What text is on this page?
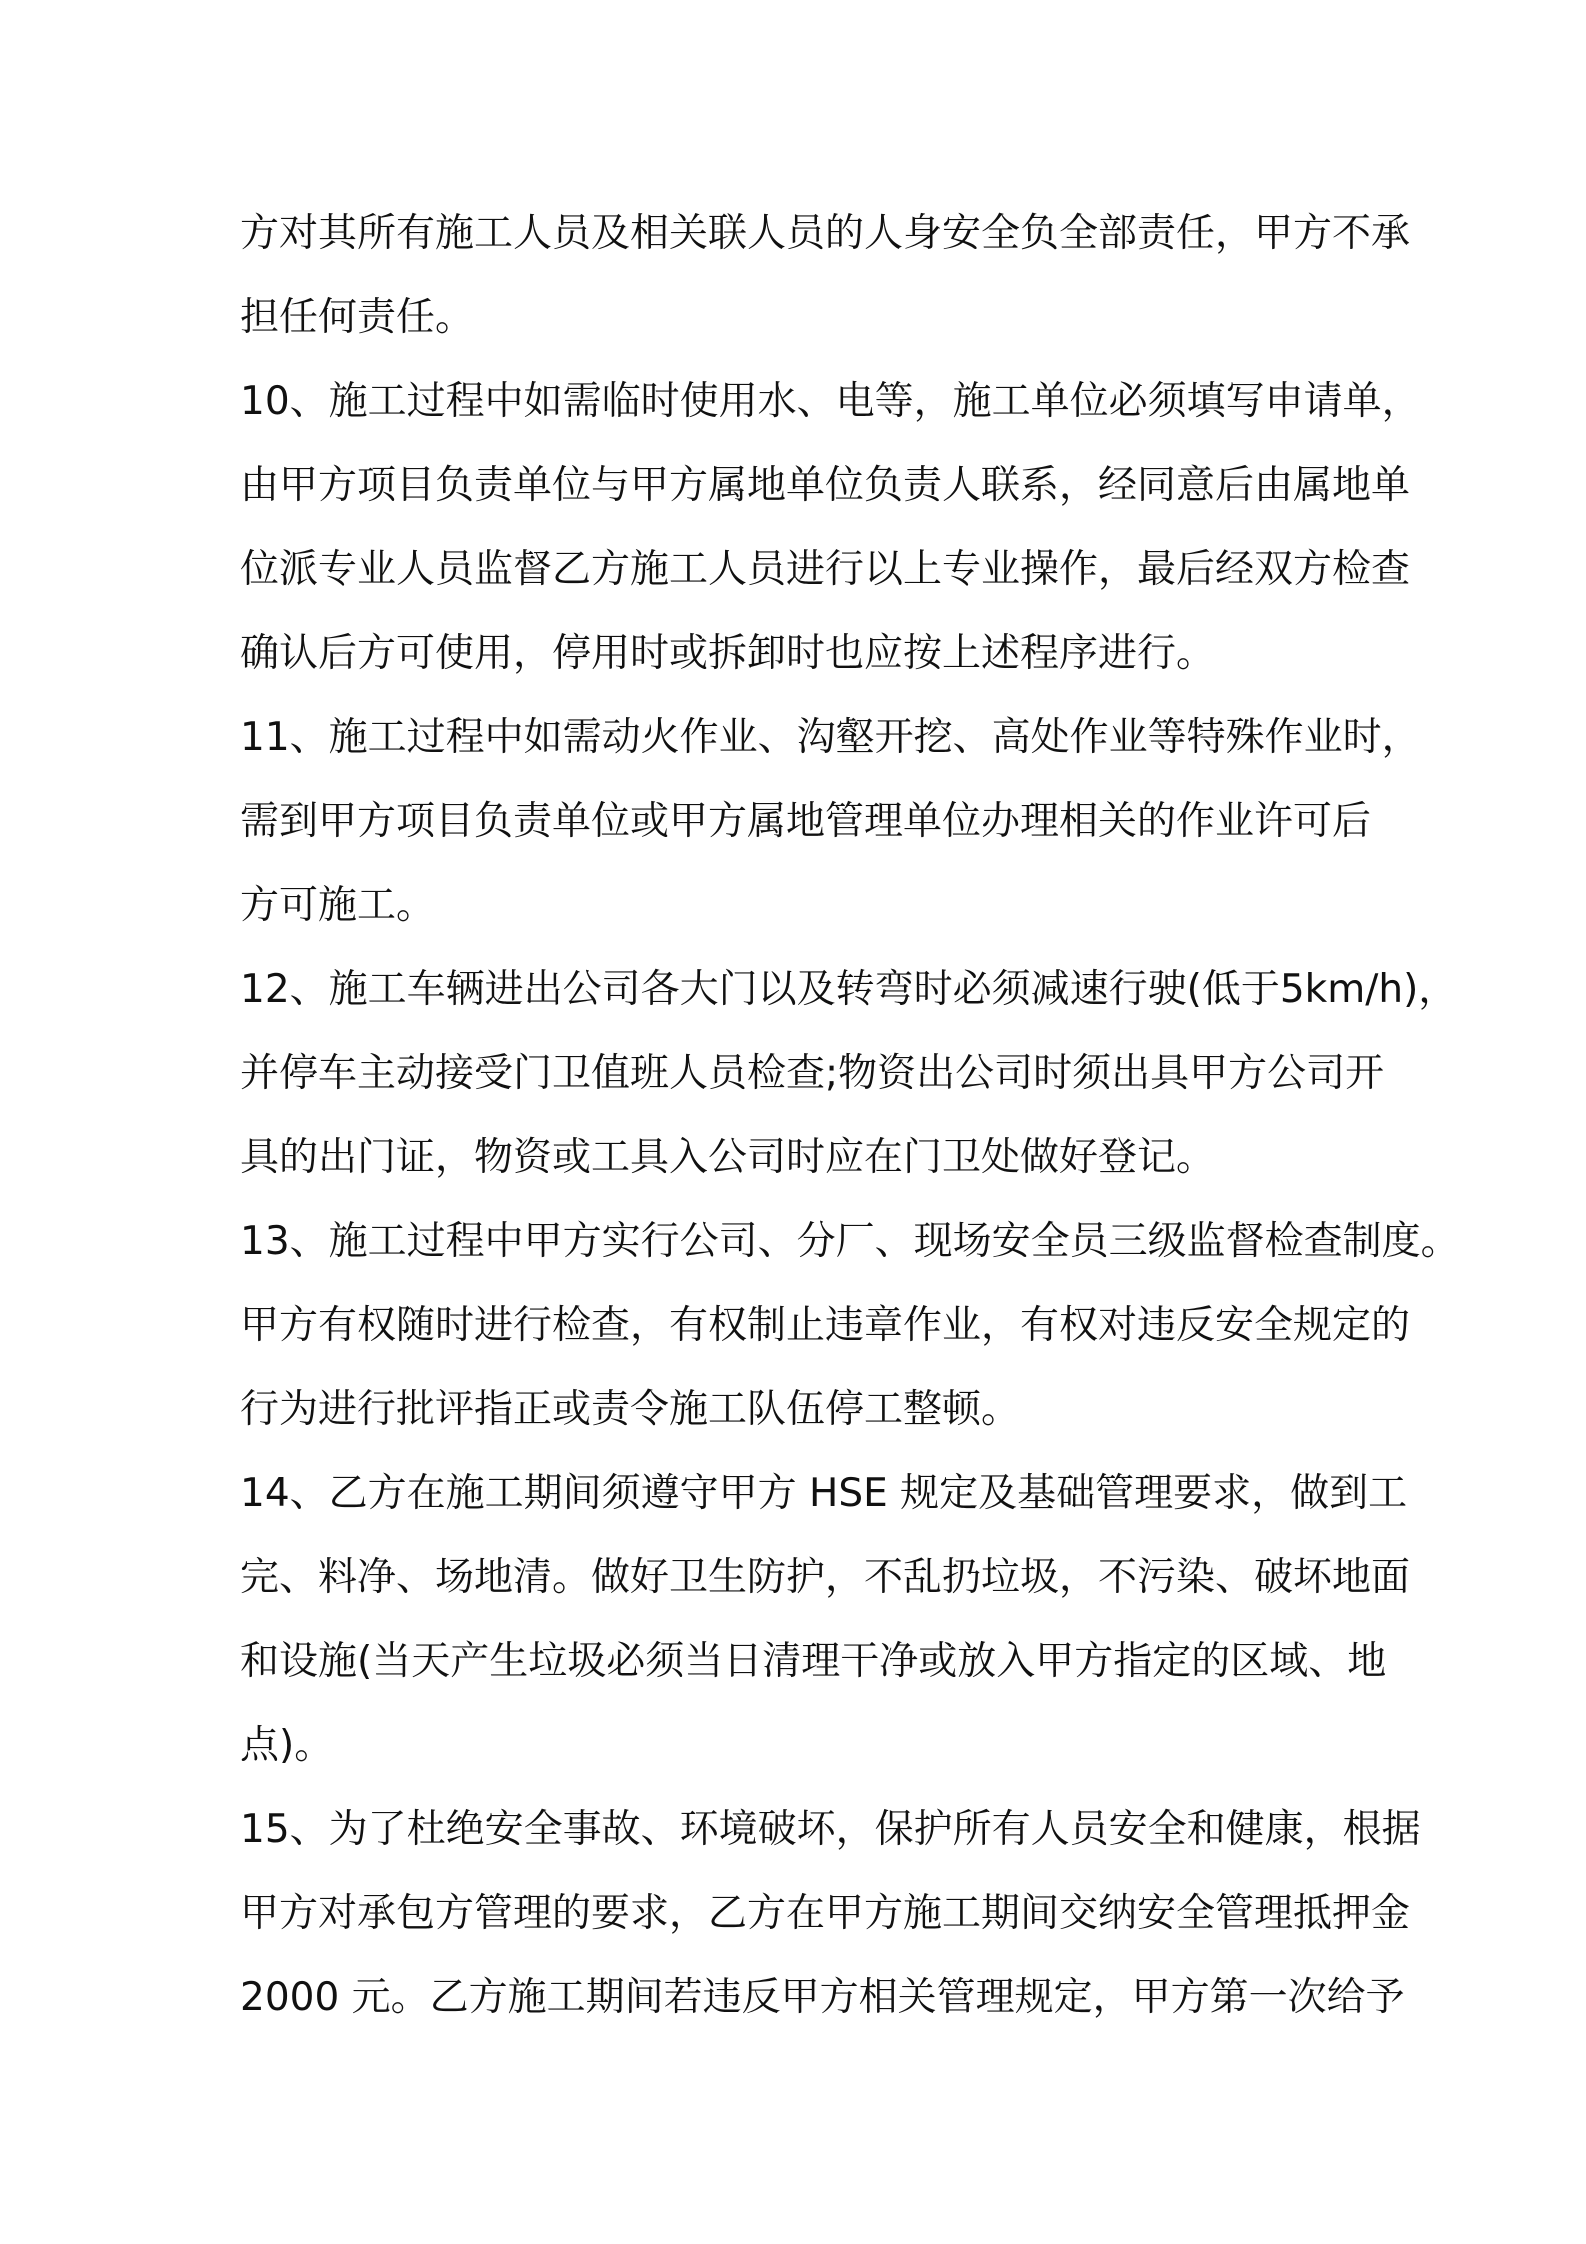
方对其所有施工人员及相关联人员的人身安全负全部责任，甲方不承
担任何责任。
10、施工过程中如需临时使用水、电等，施工单位必须填写申请单，
由甲方项目负责单位与甲方属地单位负责人联系，经同意后由属地单
位派专业人员监督乙方施工人员进行以上专业操作，最后经双方检查
确认后方可使用，停用时或拆卸时也应按上述程序进行。
11、施工过程中如需动火作业、沟壑开挖、高处作业等特殊作业时，
需到甲方项目负责单位或甲方属地管理单位办理相关的作业许可后
方可施工。
12、施工车辆进出公司各大门以及转弯时必须减速行驶(低于5km/h)，
并停车主动接受门卫值班人员检查;物资出公司时须出具甲方公司开
具的出门证，物资或工具入公司时应在门卫处做好登记。
13、施工过程中甲方实行公司、分厂、现场安全员三级监督检查制度。
甲方有权随时进行检查，有权制止违章作业，有权对违反安全规定的
行为进行批评指正或责令施工队伍停工整顿。
14、乙方在施工期间须遵守甲方 HSE 规定及基础管理要求，做到工
完、料净、场地清。做好卫生防护，不乱扔垃圾，不污染、破坏地面
和设施(当天产生垃圾必须当日清理干净或放入甲方指定的区域、地
点)。
15、为了杜绝安全事故、环境破坏，保护所有人员安全和健康，根据
甲方对承包方管理的要求，乙方在甲方施工期间交纳安全管理抵押金
2000 元。乙方施工期间若违反甲方相关管理规定，甲方第一次给予
